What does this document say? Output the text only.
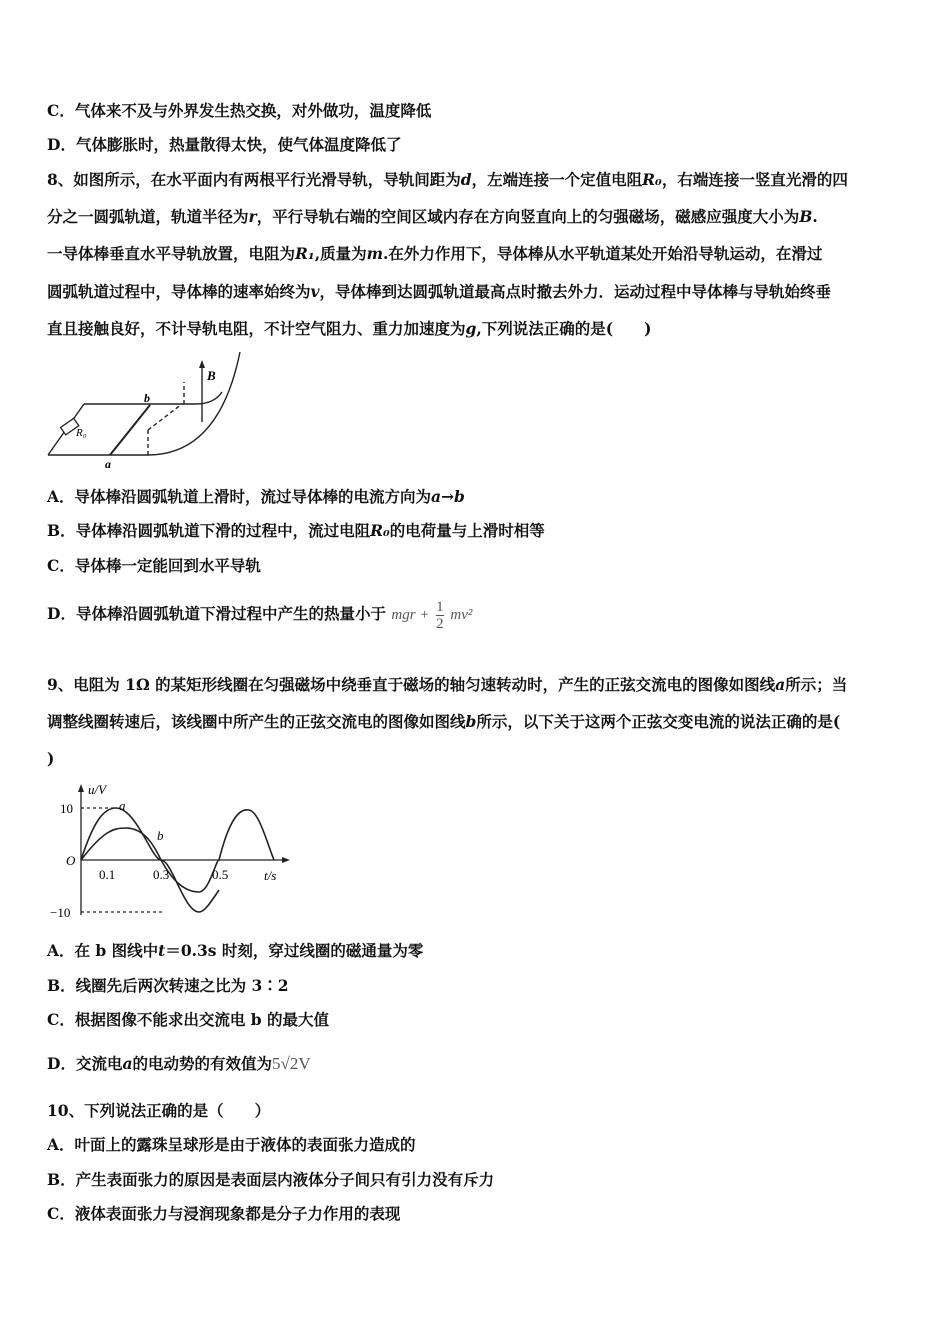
C．气体来不及与外界发生热交换，对外做功，温度降低
D．气体膨胀时，热量散得太快，使气体温度降低了
8、如图所示，在水平面内有两根平行光滑导轨，导轨间距为d，左端连接一个定值电阻R₀，右端连接一竖直光滑的四
分之一圆弧轨道，轨道半径为r，平行导轨右端的空间区域内存在方向竖直向上的匀强磁场，磁感应强度大小为B.
一导体棒垂直水平导轨放置，电阻为R₁,质量为m.在外力作用下，导体棒从水平轨道某处开始沿导轨运动，在滑过
圆弧轨道过程中，导体棒的速率始终为v，导体棒到达圆弧轨道最高点时撤去外力．运动过程中导体棒与导轨始终垂
直且接触良好，不计导轨电阻，不计空气阻力、重力加速度为g,下列说法正确的是(　　)
B
b
R₀
a
A．导体棒沿圆弧轨道上滑时，流过导体棒的电流方向为a→b
B．导体棒沿圆弧轨道下滑的过程中，流过电阻R₀的电荷量与上滑时相等
C．导体棒一定能回到水平导轨
D．导体棒沿圆弧轨道下滑过程中产生的热量小于 mgr + $\frac{1}{2} mv^2$
9、电阻为 1Ω 的某矩形线圈在匀强磁场中绕垂直于磁场的轴匀速转动时，产生的正弦交流电的图像如图线a所示；当
调整线圈转速后，该线圈中所产生的正弦交流电的图像如图线b所示，以下关于这两个正弦交变电流的说法正确的是(
)
u/V
t/s
10
O
−10
0.1	0.3	0.5
a
b
A．在 b 图线中t＝0.3s 时刻，穿过线圈的磁通量为零
B．线圈先后两次转速之比为 3∶2
C．根据图像不能求出交流电 b 的最大值
D．交流电a的电动势的有效值为5√2V
10、下列说法正确的是（　　）
A．叶面上的露珠呈球形是由于液体的表面张力造成的
B．产生表面张力的原因是表面层内液体分子间只有引力没有斥力
C．液体表面张力与浸润现象都是分子力作用的表现
